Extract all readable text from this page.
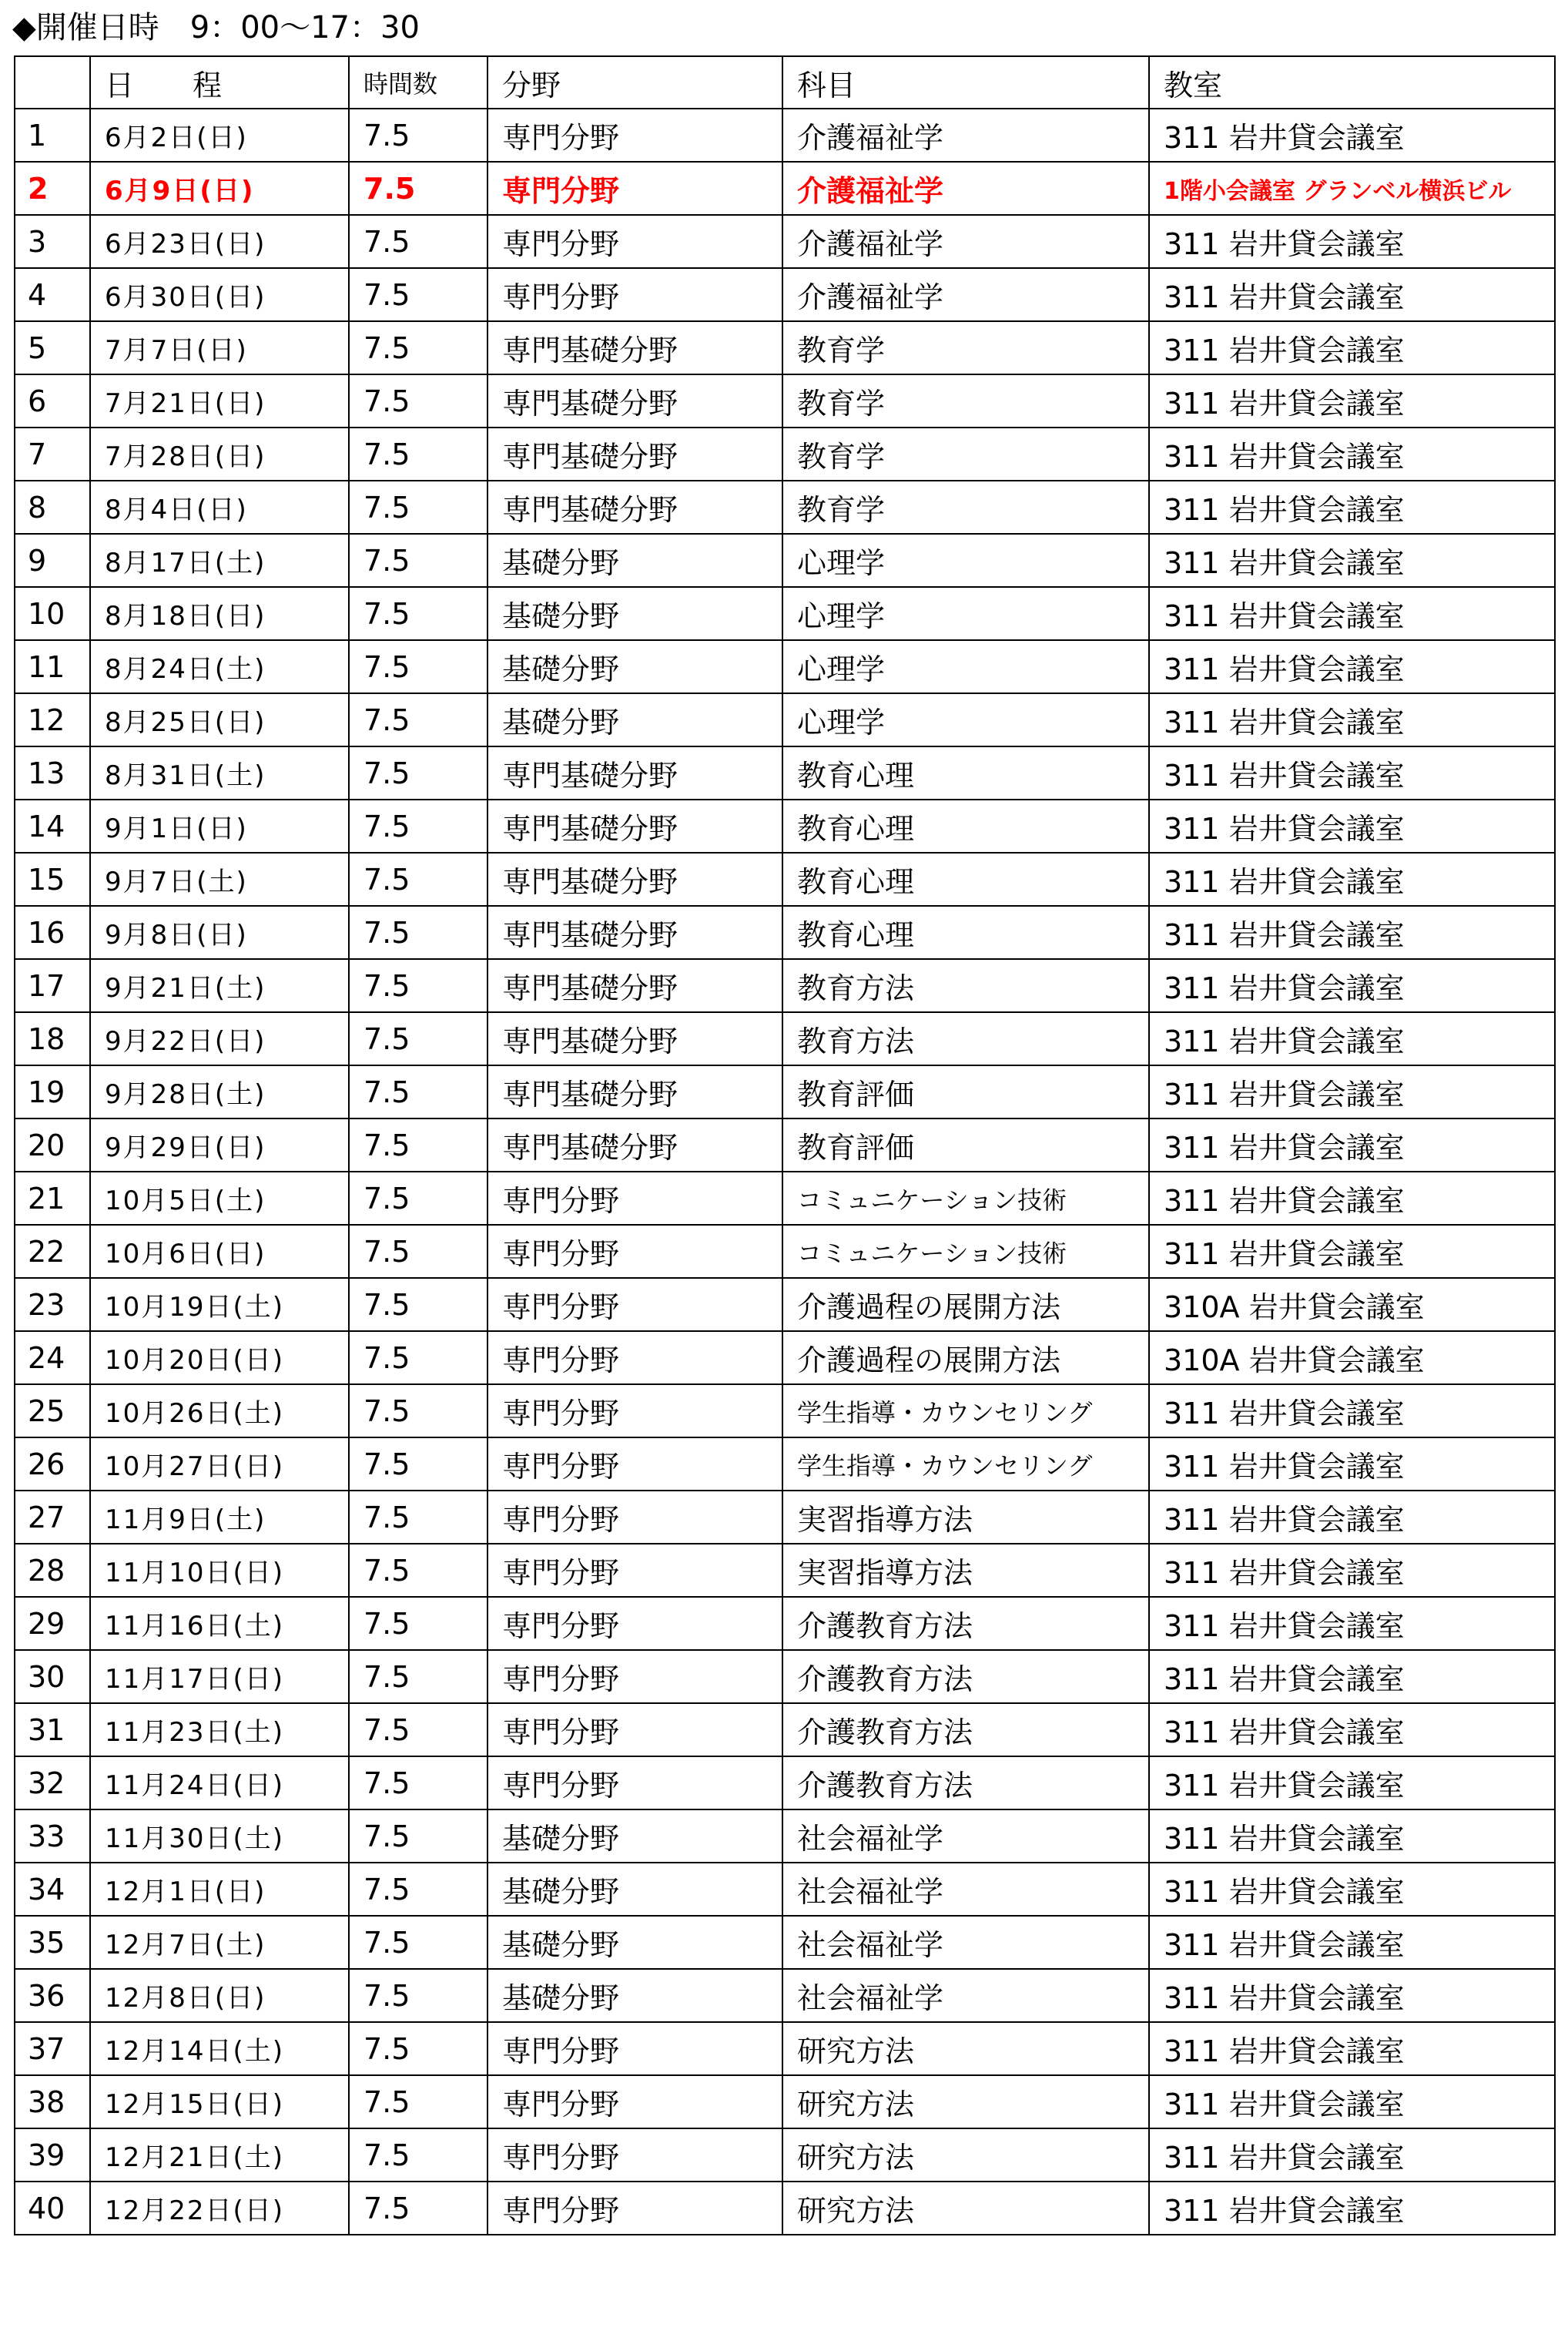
◆開催日時　9：00〜17：30
	日　　程	時間数	分野	科目	教室
1	6月2日(日)	7.5	専門分野	介護福祉学	311 岩井貸会議室
2	6月9日(日)	7.5	専門分野	介護福祉学	1階小会議室 グランベル横浜ビル
3	6月23日(日)	7.5	専門分野	介護福祉学	311 岩井貸会議室
4	6月30日(日)	7.5	専門分野	介護福祉学	311 岩井貸会議室
5	7月7日(日)	7.5	専門基礎分野	教育学	311 岩井貸会議室
6	7月21日(日)	7.5	専門基礎分野	教育学	311 岩井貸会議室
7	7月28日(日)	7.5	専門基礎分野	教育学	311 岩井貸会議室
8	8月4日(日)	7.5	専門基礎分野	教育学	311 岩井貸会議室
9	8月17日(土)	7.5	基礎分野	心理学	311 岩井貸会議室
10	8月18日(日)	7.5	基礎分野	心理学	311 岩井貸会議室
11	8月24日(土)	7.5	基礎分野	心理学	311 岩井貸会議室
12	8月25日(日)	7.5	基礎分野	心理学	311 岩井貸会議室
13	8月31日(土)	7.5	専門基礎分野	教育心理	311 岩井貸会議室
14	9月1日(日)	7.5	専門基礎分野	教育心理	311 岩井貸会議室
15	9月7日(土)	7.5	専門基礎分野	教育心理	311 岩井貸会議室
16	9月8日(日)	7.5	専門基礎分野	教育心理	311 岩井貸会議室
17	9月21日(土)	7.5	専門基礎分野	教育方法	311 岩井貸会議室
18	9月22日(日)	7.5	専門基礎分野	教育方法	311 岩井貸会議室
19	9月28日(土)	7.5	専門基礎分野	教育評価	311 岩井貸会議室
20	9月29日(日)	7.5	専門基礎分野	教育評価	311 岩井貸会議室
21	10月5日(土)	7.5	専門分野	コミュニケーション技術	311 岩井貸会議室
22	10月6日(日)	7.5	専門分野	コミュニケーション技術	311 岩井貸会議室
23	10月19日(土)	7.5	専門分野	介護過程の展開方法	310A 岩井貸会議室
24	10月20日(日)	7.5	専門分野	介護過程の展開方法	310A 岩井貸会議室
25	10月26日(土)	7.5	専門分野	学生指導・カウンセリング	311 岩井貸会議室
26	10月27日(日)	7.5	専門分野	学生指導・カウンセリング	311 岩井貸会議室
27	11月9日(土)	7.5	専門分野	実習指導方法	311 岩井貸会議室
28	11月10日(日)	7.5	専門分野	実習指導方法	311 岩井貸会議室
29	11月16日(土)	7.5	専門分野	介護教育方法	311 岩井貸会議室
30	11月17日(日)	7.5	専門分野	介護教育方法	311 岩井貸会議室
31	11月23日(土)	7.5	専門分野	介護教育方法	311 岩井貸会議室
32	11月24日(日)	7.5	専門分野	介護教育方法	311 岩井貸会議室
33	11月30日(土)	7.5	基礎分野	社会福祉学	311 岩井貸会議室
34	12月1日(日)	7.5	基礎分野	社会福祉学	311 岩井貸会議室
35	12月7日(土)	7.5	基礎分野	社会福祉学	311 岩井貸会議室
36	12月8日(日)	7.5	基礎分野	社会福祉学	311 岩井貸会議室
37	12月14日(土)	7.5	専門分野	研究方法	311 岩井貸会議室
38	12月15日(日)	7.5	専門分野	研究方法	311 岩井貸会議室
39	12月21日(土)	7.5	専門分野	研究方法	311 岩井貸会議室
40	12月22日(日)	7.5	専門分野	研究方法	311 岩井貸会議室
